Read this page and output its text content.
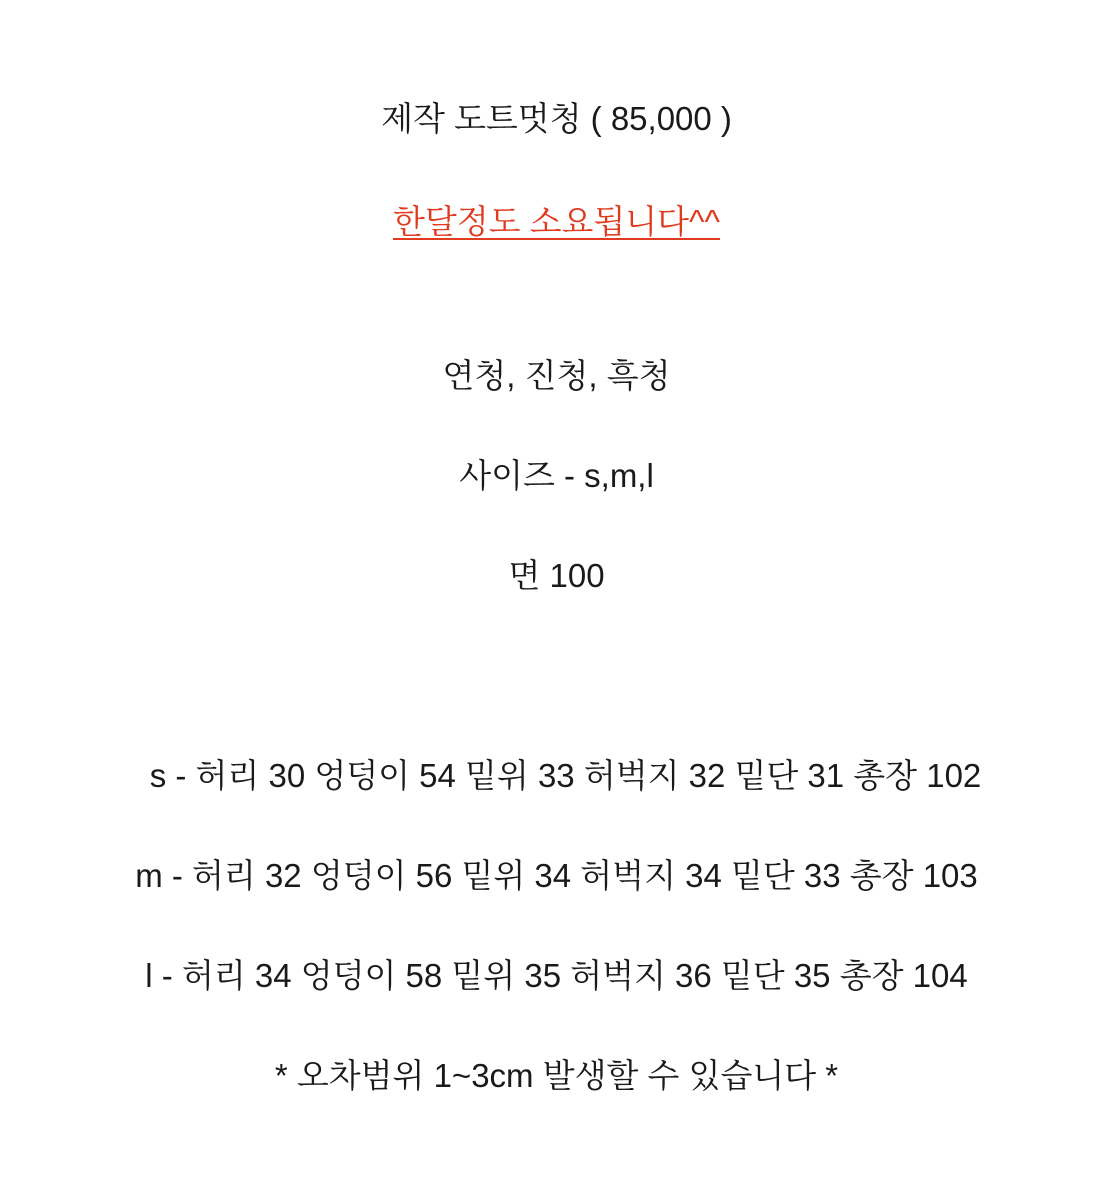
제작 도트멋청 ( 85,000 )
한달정도 소요됩니다^^
연청, 진청, 흑청
사이즈 - s,m,l
면 100
s - 허리 30 엉덩이 54 밑위 33 허벅지 32 밑단 31 총장 102
m - 허리 32 엉덩이 56 밑위 34 허벅지 34 밑단 33 총장 103
l - 허리 34 엉덩이 58 밑위 35 허벅지 36 밑단 35 총장 104
* 오차범위 1~3cm 발생할 수 있습니다 *
